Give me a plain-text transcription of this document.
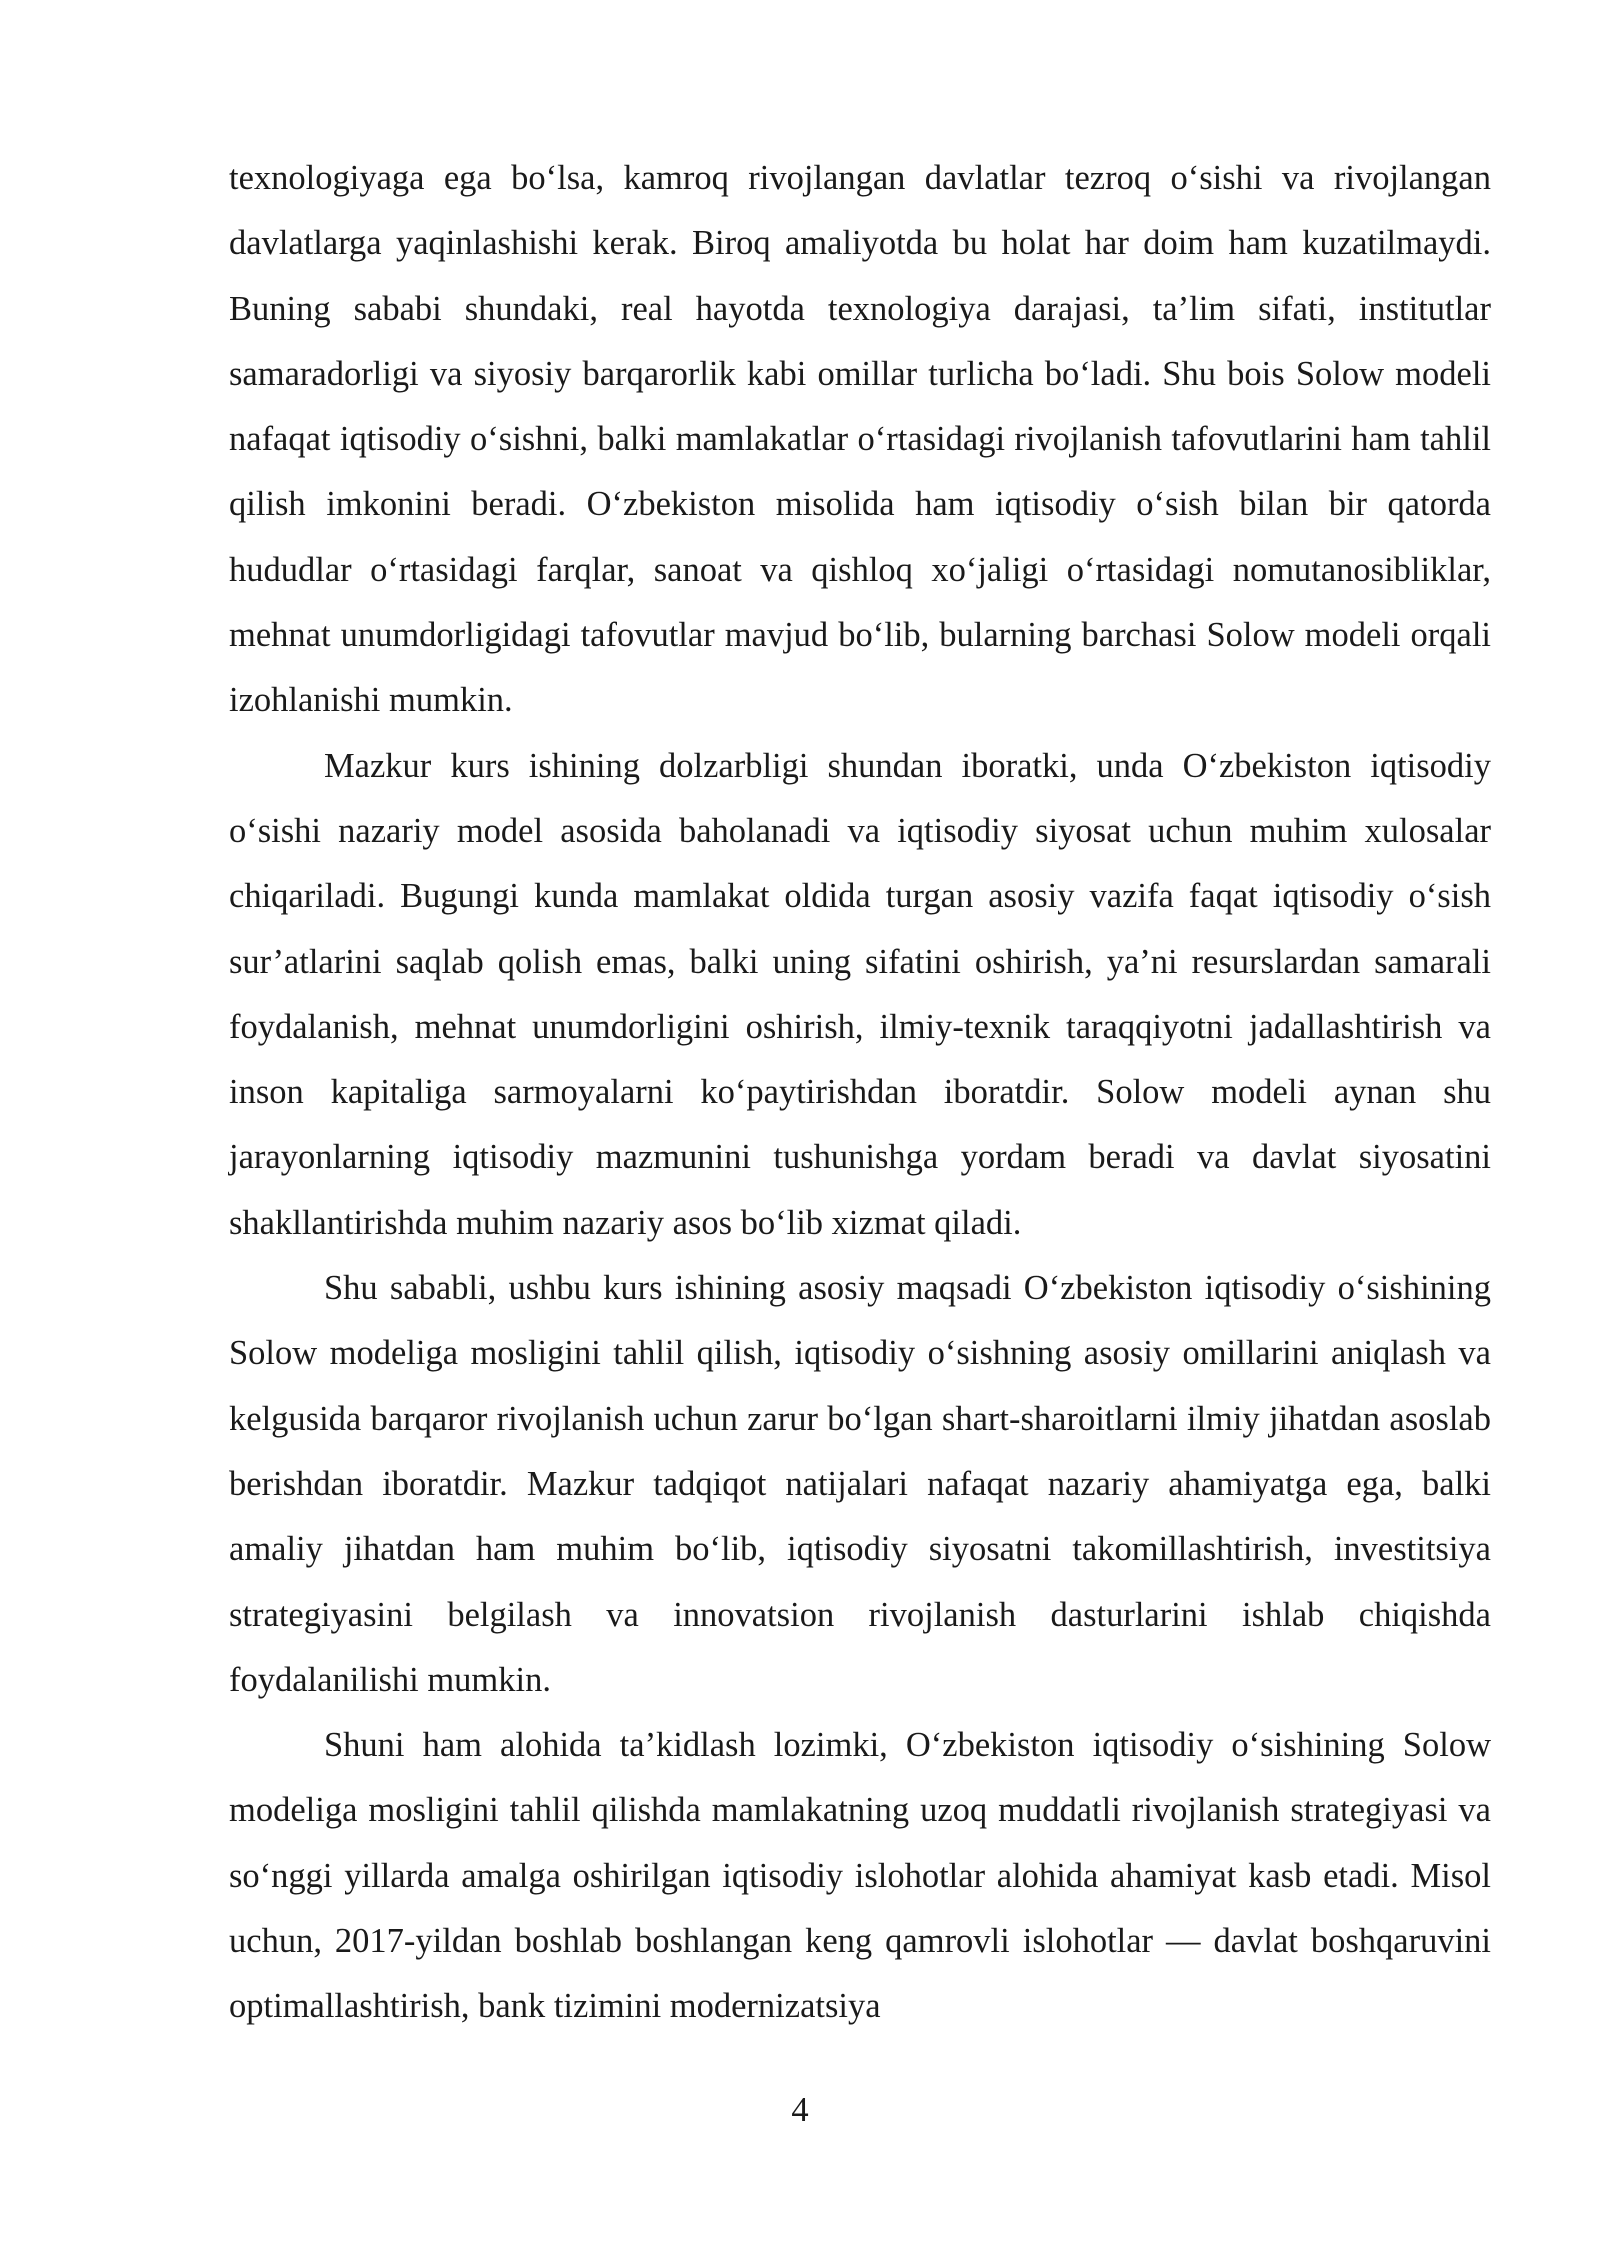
texnologiyaga ega bo‘lsa, kamroq rivojlangan davlatlar tezroq o‘sishi va rivojlangan davlatlarga yaqinlashishi kerak. Biroq amaliyotda bu holat har doim ham kuzatilmaydi. Buning sababi shundaki, real hayotda texnologiya darajasi, ta’lim sifati, institutlar samaradorligi va siyosiy barqarorlik kabi omillar turlicha bo‘ladi. Shu bois Solow modeli nafaqat iqtisodiy o‘sishni, balki mamlakatlar o‘rtasidagi rivojlanish tafovutlarini ham tahlil qilish imkonini beradi. O‘zbekiston misolida ham iqtisodiy o‘sish bilan bir qatorda hududlar o‘rtasidagi farqlar, sanoat va qishloq xo‘jaligi o‘rtasidagi nomutanosibliklar, mehnat unumdorligidagi tafovutlar mavjud bo‘lib, bularning barchasi Solow modeli orqali izohlanishi mumkin.

Mazkur kurs ishining dolzarbligi shundan iboratki, unda O‘zbekiston iqtisodiy o‘sishi nazariy model asosida baholanadi va iqtisodiy siyosat uchun muhim xulosalar chiqariladi. Bugungi kunda mamlakat oldida turgan asosiy vazifa faqat iqtisodiy o‘sish sur’atlarini saqlab qolish emas, balki uning sifatini oshirish, ya’ni resurslardan samarali foydalanish, mehnat unumdorligini oshirish, ilmiy-texnik taraqqiyotni jadallashtirish va inson kapitaliga sarmoyalarni ko‘paytirishdan iboratdir. Solow modeli aynan shu jarayonlarning iqtisodiy mazmunini tushunishga yordam beradi va davlat siyosatini shakllantirishda muhim nazariy asos bo‘lib xizmat qiladi.

Shu sababli, ushbu kurs ishining asosiy maqsadi O‘zbekiston iqtisodiy o‘sishining Solow modeliga mosligini tahlil qilish, iqtisodiy o‘sishning asosiy omillarini aniqlash va kelgusida barqaror rivojlanish uchun zarur bo‘lgan shart-sharoitlarni ilmiy jihatdan asoslab berishdan iboratdir. Mazkur tadqiqot natijalari nafaqat nazariy ahamiyatga ega, balki amaliy jihatdan ham muhim bo‘lib, iqtisodiy siyosatni takomillashtirish, investitsiya strategiyasini belgilash va innovatsion rivojlanish dasturlarini ishlab chiqishda foydalanilishi mumkin.

Shuni ham alohida ta’kidlash lozimki, O‘zbekiston iqtisodiy o‘sishining Solow modeliga mosligini tahlil qilishda mamlakatning uzoq muddatli rivojlanish strategiyasi va so‘nggi yillarda amalga oshirilgan iqtisodiy islohotlar alohida ahamiyat kasb etadi. Misol uchun, 2017-yildan boshlab boshlangan keng qamrovli islohotlar — davlat boshqaruvini optimallashtirish, bank tizimini modernizatsiya

4
